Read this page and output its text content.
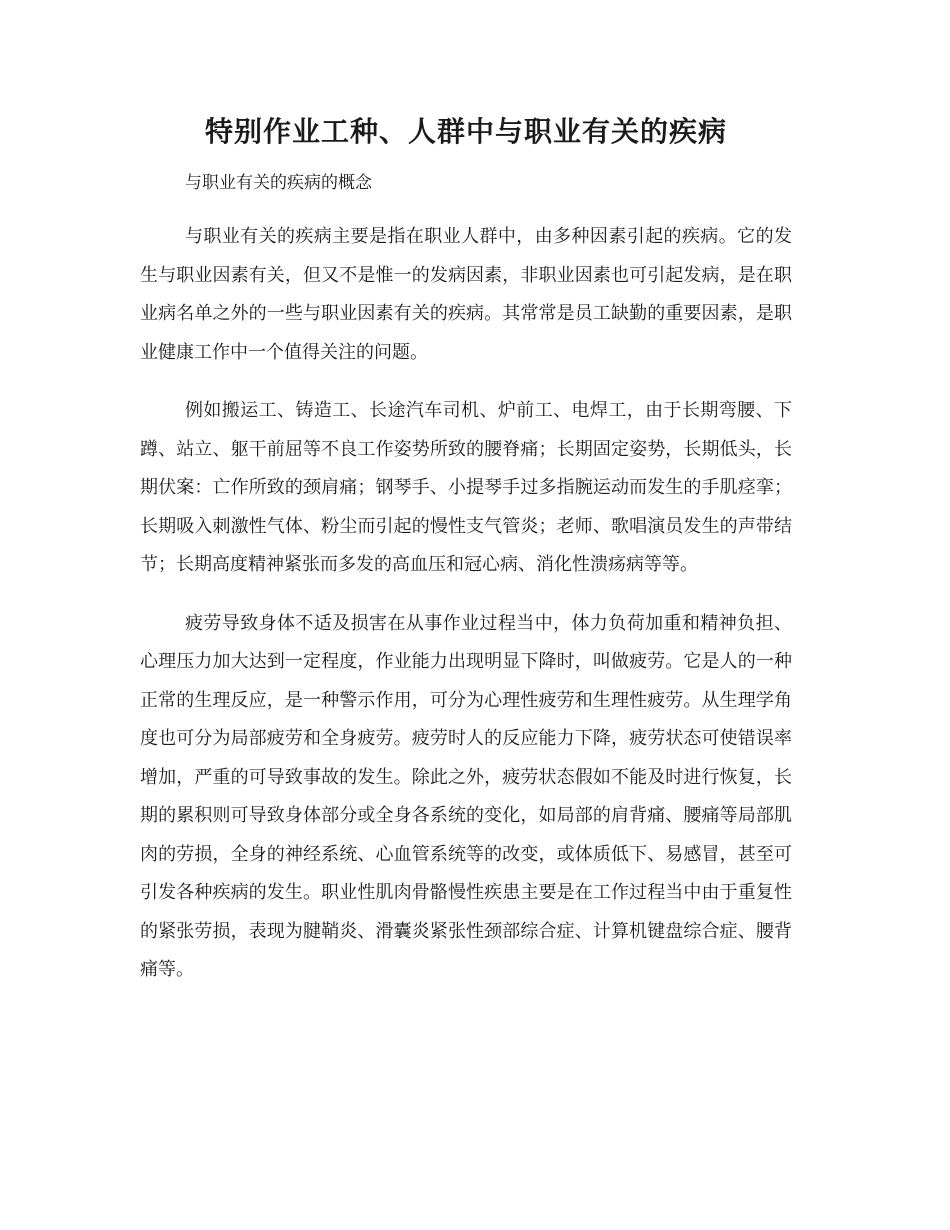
特别作业工种、人群中与职业有关的疾病

与职业有关的疾病的概念

与职业有关的疾病主要是指在职业人群中，由多种因素引起的疾病。它的发生与职业因素有关，但又不是惟一的发病因素，非职业因素也可引起发病，是在职业病名单之外的一些与职业因素有关的疾病。其常常是员工缺勤的重要因素，是职业健康工作中一个值得关注的问题。

例如搬运工、铸造工、长途汽车司机、炉前工、电焊工，由于长期弯腰、下蹲、站立、躯干前屈等不良工作姿势所致的腰脊痛；长期固定姿势，长期低头，长期伏案：亡作所致的颈肩痛；钢琴手、小提琴手过多指腕运动而发生的手肌痉挛；长期吸入刺激性气体、粉尘而引起的慢性支气管炎；老师、歌唱演员发生的声带结节；长期高度精神紧张而多发的高血压和冠心病、消化性溃疡病等等。

疲劳导致身体不适及损害在从事作业过程当中，体力负荷加重和精神负担、心理压力加大达到一定程度，作业能力出现明显下降时，叫做疲劳。它是人的一种正常的生理反应，是一种警示作用，可分为心理性疲劳和生理性疲劳。从生理学角度也可分为局部疲劳和全身疲劳。疲劳时人的反应能力下降，疲劳状态可使错误率增加，严重的可导致事故的发生。除此之外，疲劳状态假如不能及时进行恢复，长期的累积则可导致身体部分或全身各系统的变化，如局部的肩背痛、腰痛等局部肌肉的劳损，全身的神经系统、心血管系统等的改变，或体质低下、易感冒，甚至可引发各种疾病的发生。职业性肌肉骨骼慢性疾患主要是在工作过程当中由于重复性的紧张劳损，表现为腱鞘炎、滑囊炎紧张性颈部综合症、计算机键盘综合症、腰背痛等。
